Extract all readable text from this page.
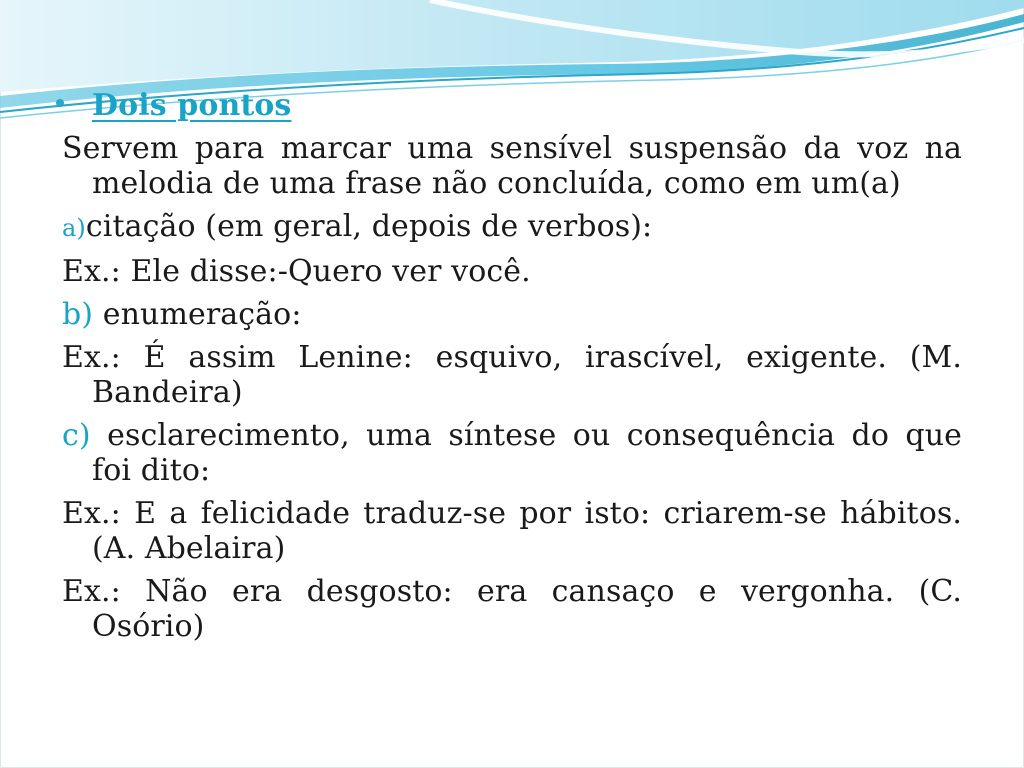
Dois pontos

Servem para marcar uma sensível suspensão da voz na melodia de uma frase não concluída, como em um(a)

a)citação (em geral, depois de verbos):

Ex.: Ele disse:-Quero ver você.

b) enumeração:

Ex.: É assim Lenine: esquivo, irascível, exigente. (M. Bandeira)

c) esclarecimento, uma síntese ou consequência do que foi dito:

Ex.: E a felicidade traduz-se por isto: criarem-se hábitos. (A. Abelaira)

Ex.: Não era desgosto: era cansaço e vergonha. (C. Osório)
